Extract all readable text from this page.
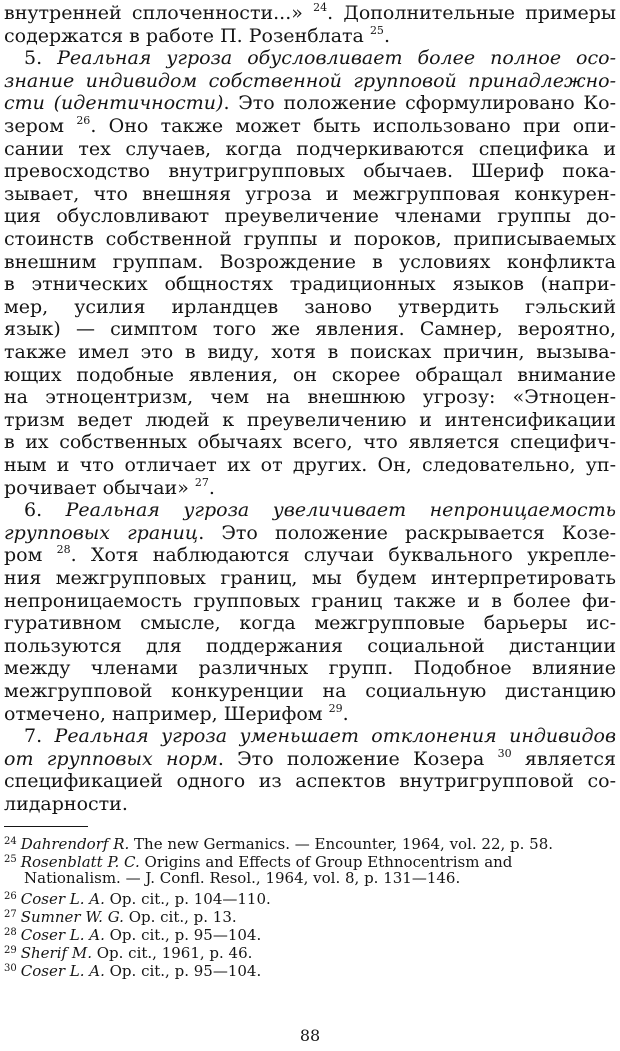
внутренней сплоченности...» $^{24}$. Дополнительные примеры
содержатся в работе П. Розенблата $^{25}$.
5. Реальная угроза обусловливает более полное осо-
знание индивидом собственной групповой принадлежно-
сти (идентичности). Это положение сформулировано Ко-
зером $^{26}$. Оно также может быть использовано при опи-
сании тех случаев, когда подчеркиваются специфика и
превосходство внутригрупповых обычаев. Шериф пока-
зывает, что внешняя угроза и межгрупповая конкурен-
ция обусловливают преувеличение членами группы до-
стоинств собственной группы и пороков, приписываемых
внешним группам. Возрождение в условиях конфликта
в этнических общностях традиционных языков (напри-
мер, усилия ирландцев заново утвердить гэльский
язык) — симптом того же явления. Самнер, вероятно,
также имел это в виду, хотя в поисках причин, вызыва-
ющих подобные явления, он скорее обращал внимание
на этноцентризм, чем на внешнюю угрозу: «Этноцен-
тризм ведет людей к преувеличению и интенсификации
в их собственных обычаях всего, что является специфич-
ным и что отличает их от других. Он, следовательно, уп-
рочивает обычаи» $^{27}$.
6. Реальная угроза увеличивает непроницаемость
групповых границ. Это положение раскрывается Козе-
ром $^{28}$. Хотя наблюдаются случаи буквального укрепле-
ния межгрупповых границ, мы будем интерпретировать
непроницаемость групповых границ также и в более фи-
гуративном смысле, когда межгрупповые барьеры ис-
пользуются для поддержания социальной дистанции
между членами различных групп. Подобное влияние
межгрупповой конкуренции на социальную дистанцию
отмечено, например, Шерифом $^{29}$.
7. Реальная угроза уменьшает отклонения индивидов
от групповых норм. Это положение Козера $^{30}$ является
спецификацией одного из аспектов внутригрупповой со-
лидарности.
$^{24}$ Dahrendorf R. The new Germanics. — Encounter, 1964, vol. 22, p. 58.
$^{25}$ Rosenblatt P. C. Origins and Effects of Group Ethnocentrism and
Nationalism. — J. Confl. Resol., 1964, vol. 8, p. 131—146.
$^{26}$ Coser L. A. Op. cit., p. 104—110.
$^{27}$ Sumner W. G. Op. cit., p. 13.
$^{28}$ Coser L. A. Op. cit., p. 95—104.
$^{29}$ Sherif M. Op. cit., 1961, p. 46.
$^{30}$ Coser L. A. Op. cit., p. 95—104.
88
